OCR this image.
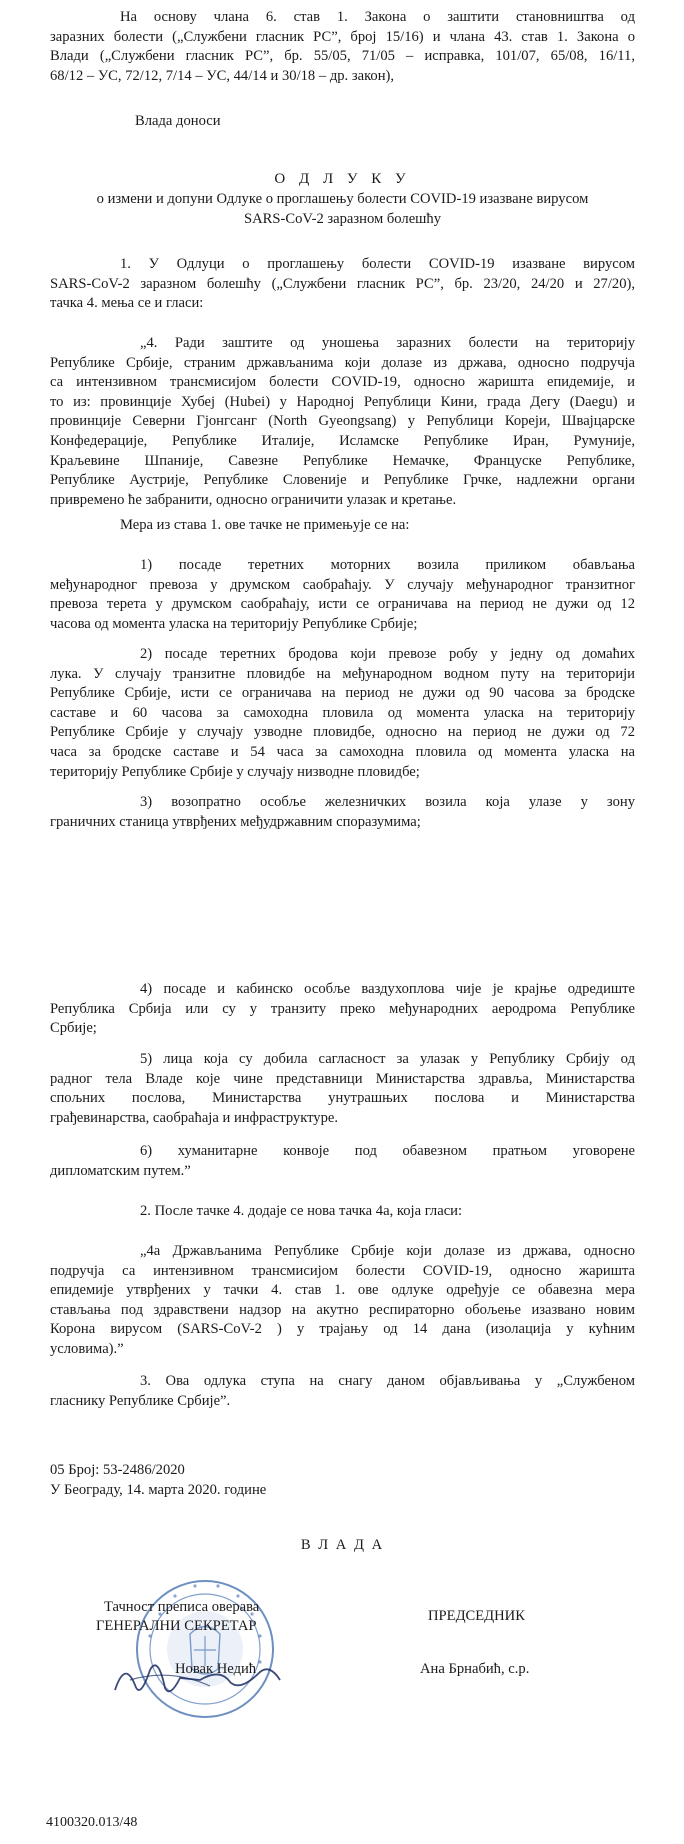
На основу члана 6. став 1. Закона о заштити становништва од

заразних болести („Службени гласник РС”, број 15/16) и члана 43. став 1. Закона о

Влади („Службени гласник РС”, бр. 55/05, 71/05 – исправка, 101/07, 65/08, 16/11,

68/12 – УС, 72/12, 7/14 – УС, 44/14 и 30/18 – др. закон),

Влада доноси
О Д Л У К У

о измени и допуни Одлуке о проглашењу болести COVID-19 изазване вирусом

SARS-CoV-2 заразном болешћу

1. У Одлуци о проглашењу болести COVID-19 изазване вирусом

SARS-CoV-2 заразном болешћу („Службени гласник РС”, бр. 23/20, 24/20 и 27/20),

тачка 4. мења се и гласи:

„4. Ради заштите од уношења заразних болести на територију

Републике Србије, страним држављанима који долазе из држава, односно подручја

са интензивном трансмисијом болести COVID-19, односно жаришта епидемије, и

то из: провинције Хубеј (Hubei) у Народној Републици Кини, града Дегу (Daegu) и

провинције Северни Гјонгсанг (North Gyeongsang) у Републици Кореји, Швајцарске

Конфедерације, Републике Италије, Исламске Републике Иран, Румуније,

Краљевине Шпаније, Савезне Републике Немачке, Француске Републике,

Републике Аустрије, Републике Словеније и Републике Грчке, надлежни органи

привремено ће забранити, односно ограничити улазак и кретање.

Мера из става 1. ове тачке не примењује се на:

1) посаде теретних моторних возила приликом обављања

међународног превоза у друмском саобраћају. У случају међународног транзитног

превоза терета у друмском саобраћају, исти се ограничава на период не дужи од 12

часова од момента уласка на територију Републике Србије;

2) посаде теретних бродова који превозе робу у једну од домаћих

лука. У случају транзитне пловидбе на међународном водном путу на територији

Републике Србије, исти се ограничава на период не дужи од 90 часова за бродске

саставе и 60 часова за самоходна пловила од момента уласка на територију

Републике Србије у случају узводне пловидбе, односно на период не дужи од 72

часа за бродске саставе и 54 часа за самоходна пловила од момента уласка на

територију Републике Србије у случају низводне пловидбе;

3) возопратно особље железничких возила која улазе у зону

граничних станица утврђених међудржавним споразумима;

4) посаде и кабинско особље ваздухоплова чије је крајње одредиште

Република Србија или су у транзиту преко међународних аеродрома Републике

Србије;

5) лица која су добила сагласност за улазак у Републику Србију од

радног тела Владе које чине представници Министарства здравља, Министарства

спољних послова, Министарства унутрашњих послова и Министарства

грађевинарства, саобраћаја и инфраструктуре.

6) хуманитарне конвоје под обавезном пратњом уговорене

дипломатским путем.”

2. После тачке 4. додаје се нова тачка 4а, која гласи:

„4а Држављанима Републике Србије који долазе из држава, односно

подручја са интензивном трансмисијом болести COVID-19, односно жаришта

епидемије утврђених у тачки 4. став 1. ове одлуке одређује се обавезна мера

стављања под здравствени надзор на акутно респираторно обољење изазвано новим

Корона вирусом (SARS-CoV-2 ) у трајању од 14 дана (изолација у кућним

условима).”

3. Ова одлука ступа на снагу даном објављивања у „Службеном

гласнику Републике Србије”.

05 Број: 53-2486/2020
У Београду, 14. марта 2020. године
В Л А Д А
Тачност преписа оверава
ГЕНЕРАЛНИ СЕКРЕТАР
Новак Недић
ПРЕДСЕДНИК
Ана Брнабић, с.р.
4100320.013/48
